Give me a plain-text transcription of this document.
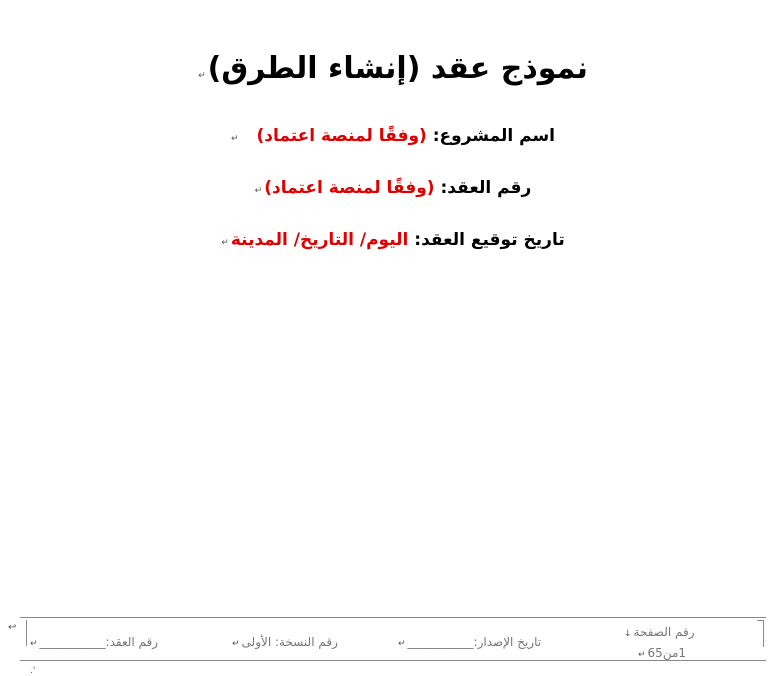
نموذج عقد (إنشاء الطرق)↵
اسم المشروع: (وفقًا لمنصة اعتماد) ↵
رقم العقد: (وفقًا لمنصة اعتماد)↵
تاريخ توقيع العقد: اليوم/ التاريخ/ المدينة↵
↩	رقم الصفحة↓
1من65↵
تاريخ الإصدار:___________↵
رقم النسخة: الأولى↵
رقم العقد:___________↵
.'
